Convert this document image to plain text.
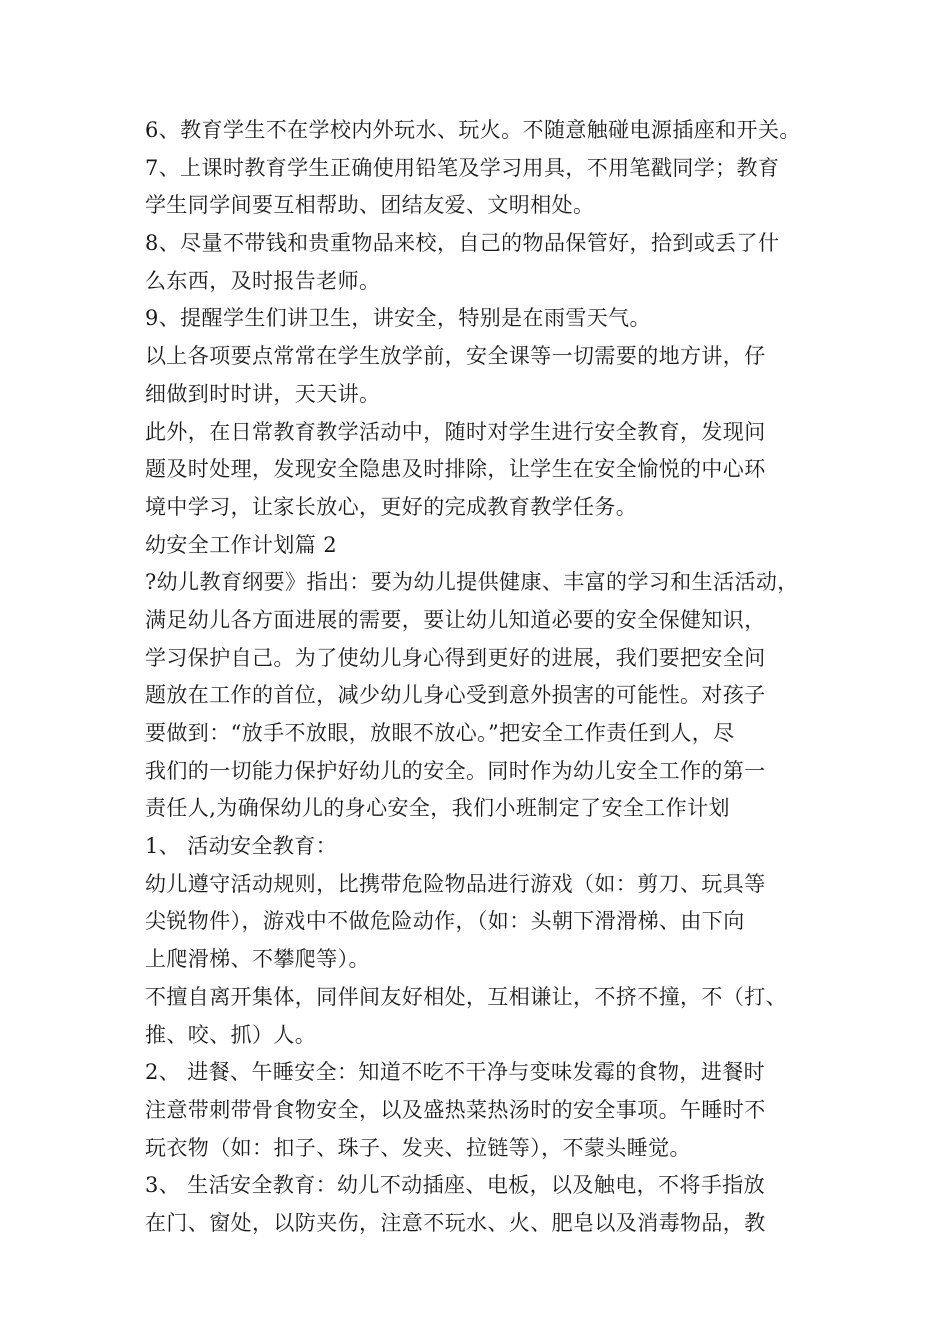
6、教育学生不在学校内外玩水、玩火。不随意触碰电源插座和开关。
7、上课时教育学生正确使用铅笔及学习用具，不用笔戳同学；教育
学生同学间要互相帮助、团结友爱、文明相处。
8、尽量不带钱和贵重物品来校，自己的物品保管好，拾到或丢了什
么东西，及时报告老师。
9、提醒学生们讲卫生，讲安全，特别是在雨雪天气。
以上各项要点常常在学生放学前，安全课等一切需要的地方讲，仔
细做到时时讲，天天讲。
此外，在日常教育教学活动中，随时对学生进行安全教育，发现问
题及时处理，发现安全隐患及时排除，让学生在安全愉悦的中心环
境中学习，让家长放心，更好的完成教育教学任务。
幼安全工作计划篇 2
?幼儿教育纲要》指出：要为幼儿提供健康、丰富的学习和生活活动，
满足幼儿各方面进展的需要，要让幼儿知道必要的安全保健知识，
学习保护自己。为了使幼儿身心得到更好的进展，我们要把安全问
题放在工作的首位，减少幼儿身心受到意外损害的可能性。对孩子
要做到：“放手不放眼，放眼不放心。”把安全工作责任到人，尽
我们的一切能力保护好幼儿的安全。同时作为幼儿安全工作的第一
责任人,为确保幼儿的身心安全，我们小班制定了安全工作计划
1、 活动安全教育：
幼儿遵守活动规则，比携带危险物品进行游戏（如：剪刀、玩具等
尖锐物件），游戏中不做危险动作，（如：头朝下滑滑梯、由下向
上爬滑梯、不攀爬等）。
不擅自离开集体，同伴间友好相处，互相谦让，不挤不撞，不（打、
推、咬、抓）人。
2、 进餐、午睡安全：知道不吃不干净与变味发霉的食物，进餐时
注意带刺带骨食物安全，以及盛热菜热汤时的安全事项。午睡时不
玩衣物（如：扣子、珠子、发夹、拉链等），不蒙头睡觉。
3、 生活安全教育：幼儿不动插座、电板，以及触电，不将手指放
在门、窗处，以防夹伤，注意不玩水、火、肥皂以及消毒物品，教
